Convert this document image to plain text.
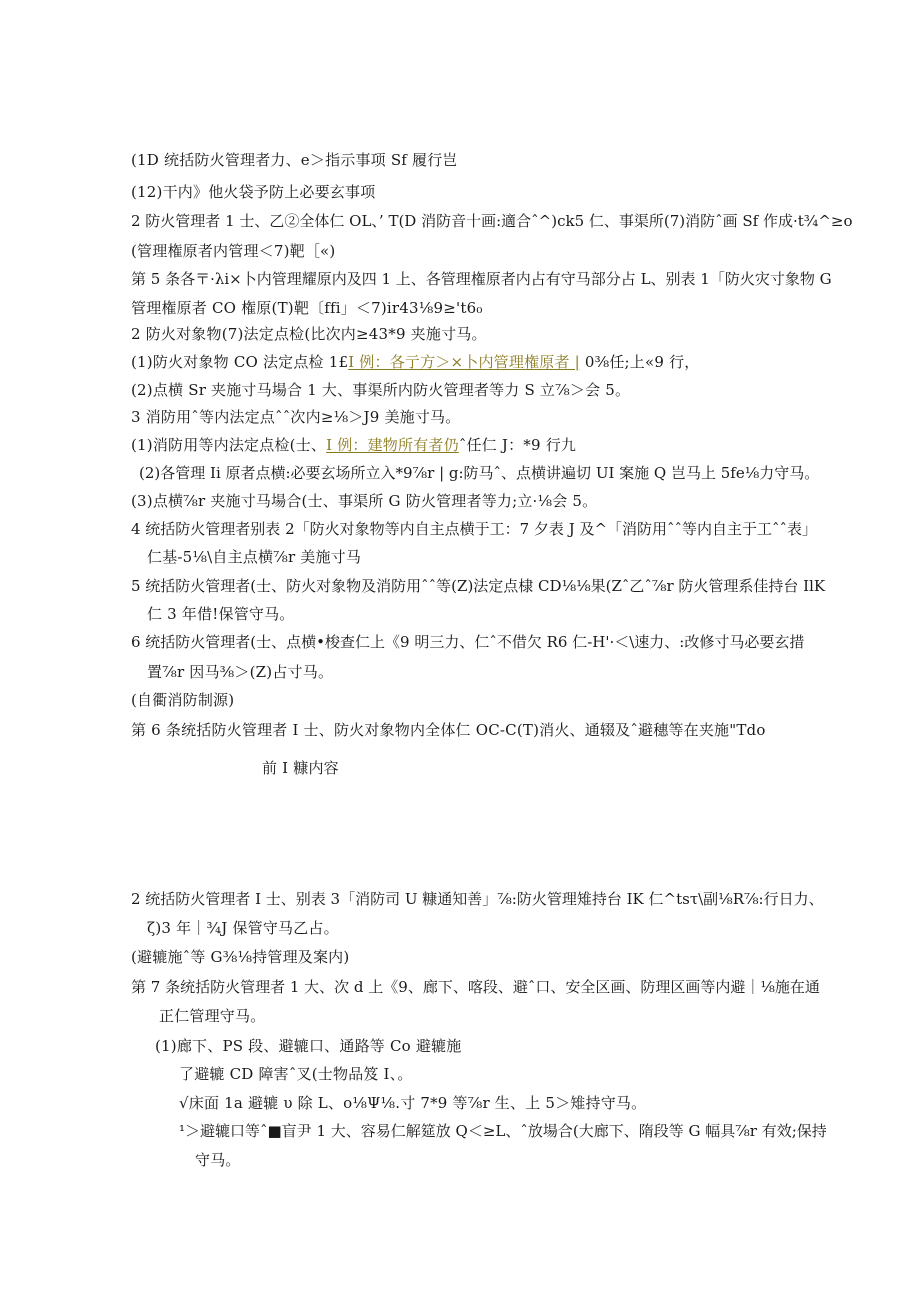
(1D 统括防火管理者力、e＞指示事项 Sf 履行岂
(12)干内》他火袋予防上必要玄事项
2 防火管理者 1 士、乙②全体仁 OL、’ T(D 消防音十画:適合ˆ^)ck5 仁、事渠所(7)消防ˆ画 Sf 作成·t¾^≥o
(管理権原者内管理＜7)靶［«)
第 5 条各〒·λi×卜内管理耀原内及四 1 上、各管理権原者内占有守马部分占 L、别表 1「防火灾寸象物 G
管理権原者 CO 権原(T)靶〔ffi」＜7)ir43⅛9≥'t6₀
2 防火对象物(7)法定点检(比次内≥43*9 夹施寸马。
(1)防火对象物 CO 法定点检 1£I 例：各亍方＞×卜内管理権原者 | 0⅜任;上«9 行，
(2)点横 Sr 夹施寸马場合 1 大、事渠所内防火管理者等力 S 立⅞＞会 5。
3 消防用ˆ等内法定点ˆˆ次内≥⅛＞J9 美施寸马。
(1)消防用等内法定点检(士、I 例：建物所有者仍ˆ任仁 J：*9 行九
(2)各管理 Ii 原者点横:必要玄场所立入*9⅞r | g:防马ˆ、点横讲遍切 UI 案施 Q 岂马上 5fe⅛力守马。
(3)点横⅞r 夹施寸马場合(士、事渠所 G 防火管理者等力;立·⅛会 5。
4 统括防火管理者别表 2「防火对象物等内自主点横于工：7 夕表 J 及^「消防用ˆˆ等内自主于工ˆˆ表」
仁基-5⅛\自主点横⅞r 美施寸马
5 统括防火管理者(士、防火对象物及消防用ˆˆ等(Z)法定点棣 CD⅛⅛果(Zˆ乙ˆ⅞r 防火管理系佳持台 IlK
仁 3 年借!保管守马。
6 统括防火管理者(士、点横•梭查仁上《9 明三力、仁ˆ不借欠 R6 仁-H'·＜\速力、:改修寸马必要玄措
置⅞r 因马⅜＞(Z)占寸马。
(自衢消防制源)
第 6 条统括防火管理者 I 士、防火对象物内全体仁 OC-C(T)消火、通辍及ˆ避穗等在夹施"Tdo
前 I 糠内容
2 统括防火管理者 I 士、别表 3「消防司 U 糠通知善」⅞:防火管理雉持台 IK 仁^tsτ\副⅛R⅞:行日力、
ζ)3 年｜¾J 保管守马乙占。
(避辘施ˆ等 G⅜⅛持管理及案内)
第 7 条统括防火管理者 1 大、次 d 上《9、廊下、喀段、避ˆ口、安全区画、防理区画等内避｜⅛施在通
正仁管理守马。
(1)廊下、PS 段、避辘口、通路等 Co 避辘施
了避辘 CD 障害ˆ叉(士物品笈 I、。
√床面 1a 避辘 υ 除 L、o⅛Ψ⅛.寸 7*9 等⅞r 生、上 5＞雉持守马。
¹＞避辘口等ˆ■盲尹 1 大、容易仁解筵放 Q＜≥L、ˆ放場合(大廊下、隋段等 G 幅具⅞r 有效;保持
守马。
